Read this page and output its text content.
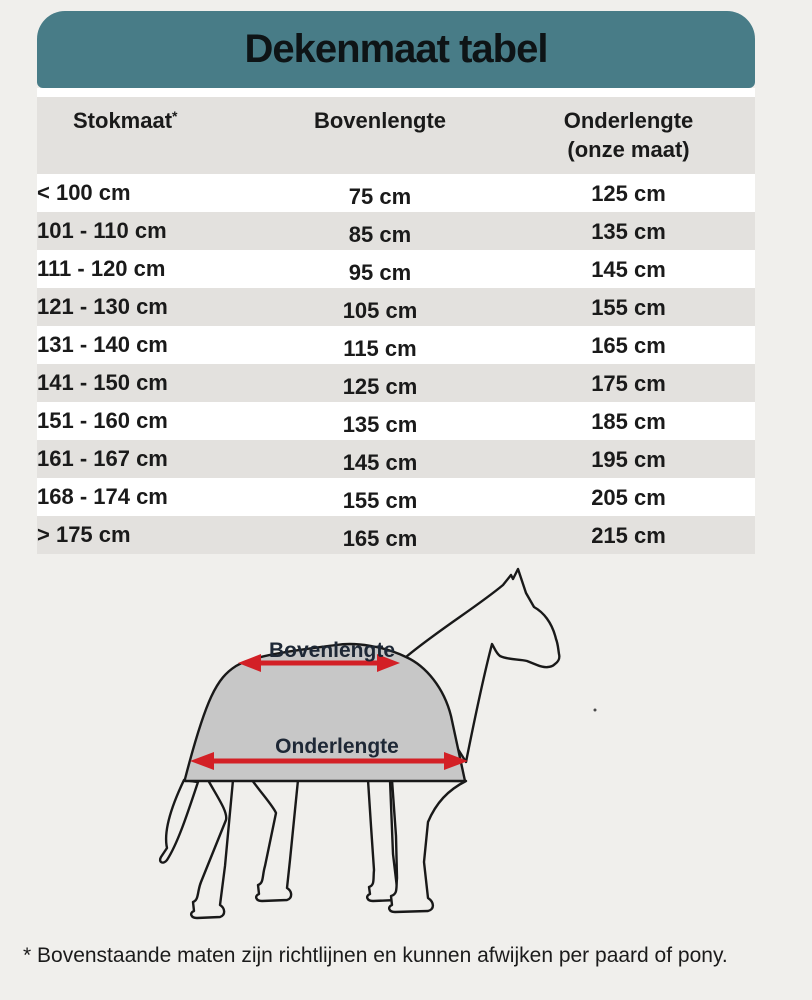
Dekenmaat tabel
Stokmaat*	Bovenlengte	Onderlengte
(onze maat)
< 100 cm	75 cm	125 cm
101 - 110 cm	85 cm	135 cm
111 - 120 cm	95 cm	145 cm
121 - 130 cm	105 cm	155 cm
131 - 140 cm	115 cm	165 cm
141 - 150 cm	125 cm	175 cm
151 - 160 cm	135 cm	185 cm
161 - 167 cm	145 cm	195 cm
168 - 174 cm	155 cm	205 cm
> 175 cm	165 cm	215 cm
Bovenlengte
Onderlengte
* Bovenstaande maten zijn richtlijnen en kunnen afwijken per paard of pony.
